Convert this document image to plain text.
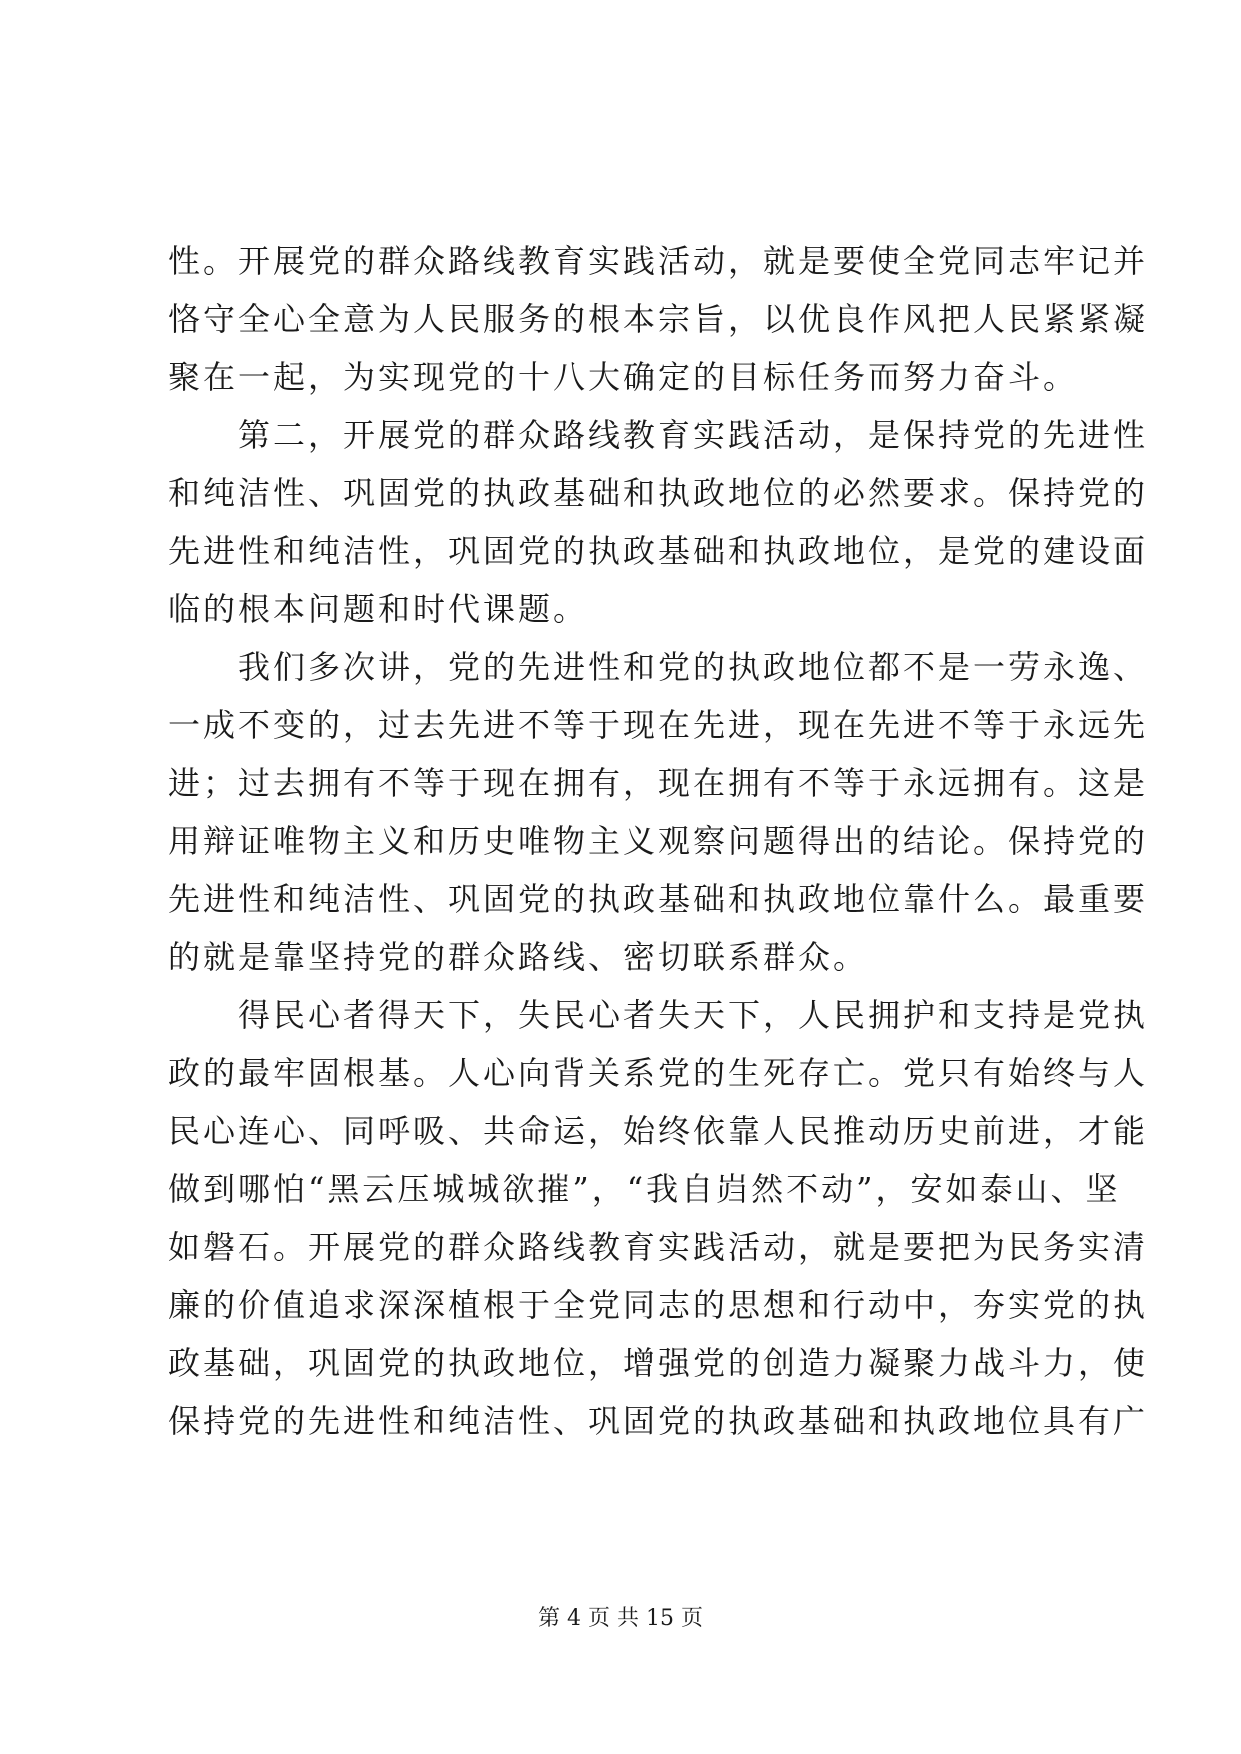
性。开展党的群众路线教育实践活动，就是要使全党同志牢记并
恪守全心全意为人民服务的根本宗旨，以优良作风把人民紧紧凝
聚在一起，为实现党的十八大确定的目标任务而努力奋斗。
　　第二，开展党的群众路线教育实践活动，是保持党的先进性
和纯洁性、巩固党的执政基础和执政地位的必然要求。保持党的
先进性和纯洁性，巩固党的执政基础和执政地位，是党的建设面
临的根本问题和时代课题。
　　我们多次讲，党的先进性和党的执政地位都不是一劳永逸、
一成不变的，过去先进不等于现在先进，现在先进不等于永远先
进；过去拥有不等于现在拥有，现在拥有不等于永远拥有。这是
用辩证唯物主义和历史唯物主义观察问题得出的结论。保持党的
先进性和纯洁性、巩固党的执政基础和执政地位靠什么。最重要
的就是靠坚持党的群众路线、密切联系群众。
　　得民心者得天下，失民心者失天下，人民拥护和支持是党执
政的最牢固根基。人心向背关系党的生死存亡。党只有始终与人
民心连心、同呼吸、共命运，始终依靠人民推动历史前进，才能
做到哪怕“黑云压城城欲摧”，“我自岿然不动”，安如泰山、坚
如磐石。开展党的群众路线教育实践活动，就是要把为民务实清
廉的价值追求深深植根于全党同志的思想和行动中，夯实党的执
政基础，巩固党的执政地位，增强党的创造力凝聚力战斗力，使
保持党的先进性和纯洁性、巩固党的执政基础和执政地位具有广
第 4 页 共 15 页
